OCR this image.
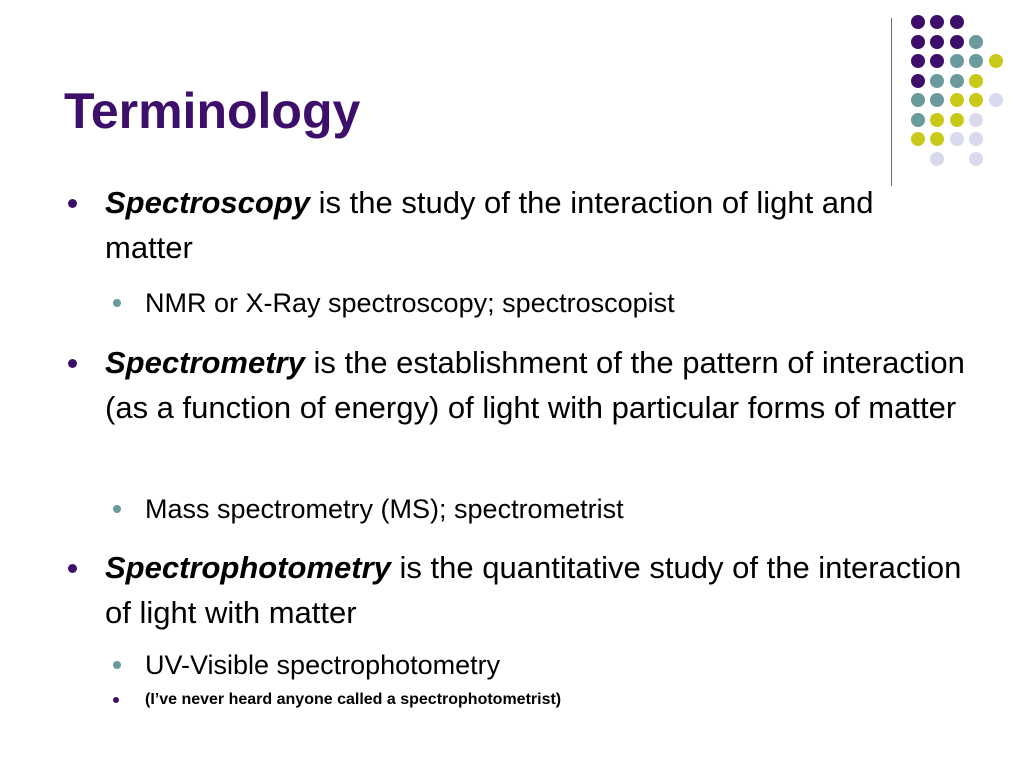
Terminology
Spectroscopy is the study of the interaction of light and matter
NMR or X-Ray spectroscopy; spectroscopist
Spectrometry is the establishment of the pattern of interaction (as a function of energy) of light with particular forms of matter
Mass spectrometry (MS); spectrometrist
Spectrophotometry is the quantitative study of the interaction of light with matter
UV-Visible spectrophotometry
(I’ve never heard anyone called a spectrophotometrist)
